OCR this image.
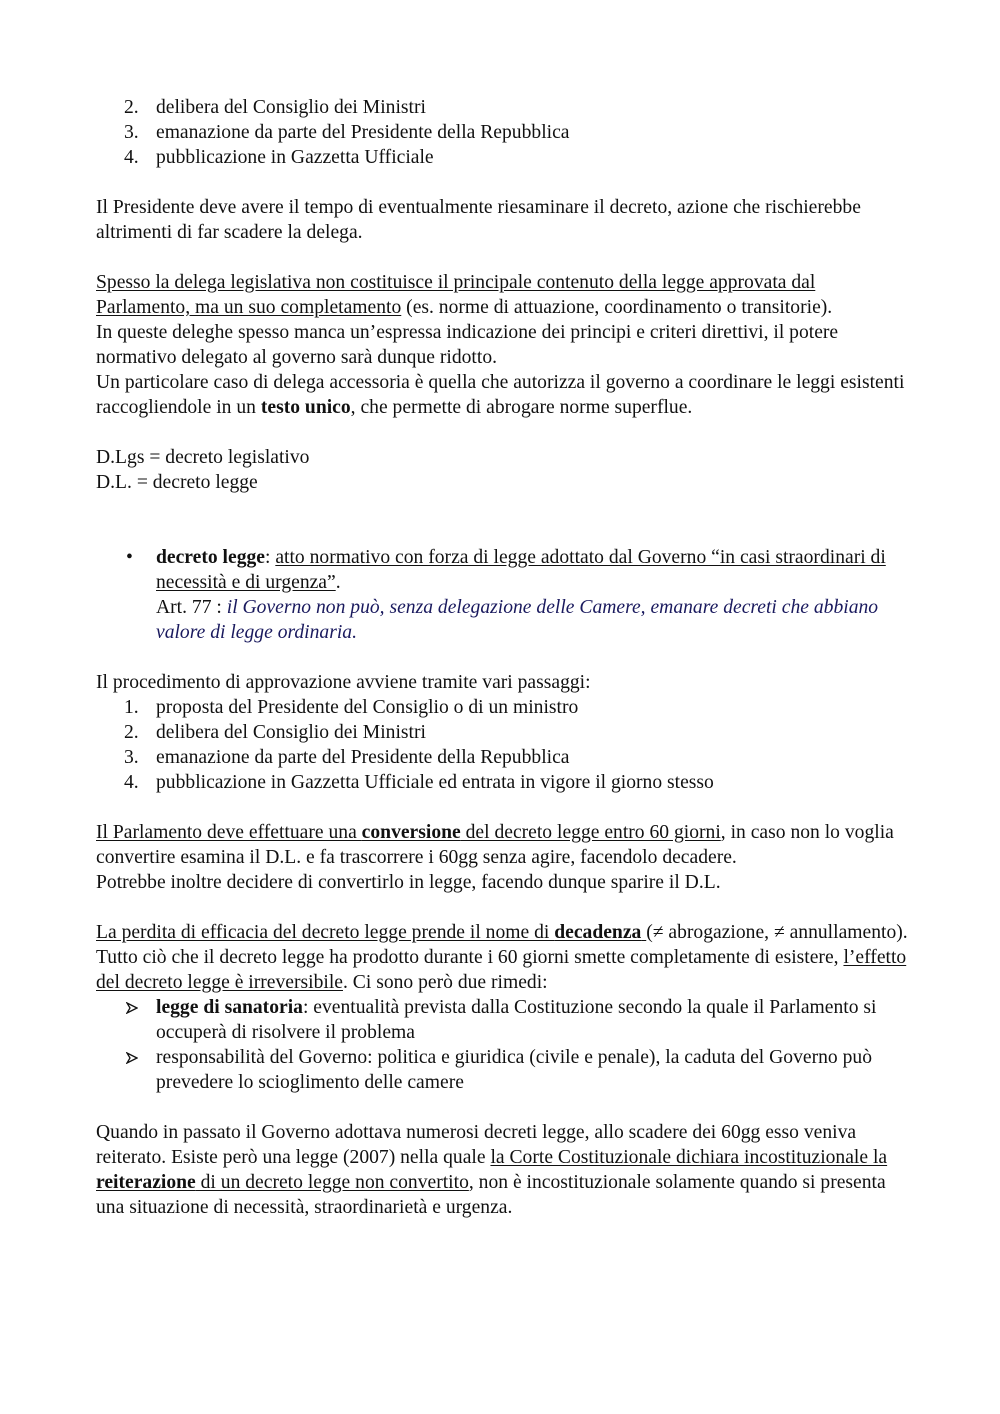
2. delibera del Consiglio dei Ministri
3. emanazione da parte del Presidente della Repubblica
4. pubblicazione in Gazzetta Ufficiale

Il Presidente deve avere il tempo di eventualmente riesaminare il decreto, azione che rischierebbe altrimenti di far scadere la delega.

Spesso la delega legislativa non costituisce il principale contenuto della legge approvata dal Parlamento, ma un suo completamento (es. norme di attuazione, coordinamento o transitorie).

In queste deleghe spesso manca un’espressa indicazione dei principi e criteri direttivi, il potere normativo delegato al governo sarà dunque ridotto.

Un particolare caso di delega accessoria è quella che autorizza il governo a coordinare le leggi esistenti raccogliendole in un testo unico, che permette di abrogare norme superflue.

D.Lgs = decreto legislativo

D.L. = decreto legge

• decreto legge: atto normativo con forza di legge adottato dal Governo “in casi straordinari di necessità e di urgenza”.
Art. 77 : il Governo non può, senza delegazione delle Camere, emanare decreti che abbiano valore di legge ordinaria.

Il procedimento di approvazione avviene tramite vari passaggi:

1. proposta del Presidente del Consiglio o di un ministro
2. delibera del Consiglio dei Ministri
3. emanazione da parte del Presidente della Repubblica
4. pubblicazione in Gazzetta Ufficiale ed entrata in vigore il giorno stesso

Il Parlamento deve effettuare una conversione del decreto legge entro 60 giorni, in caso non lo voglia convertire esamina il D.L. e fa trascorrere i 60gg senza agire, facendolo decadere.

Potrebbe inoltre decidere di convertirlo in legge, facendo dunque sparire il D.L.

La perdita di efficacia del decreto legge prende il nome di decadenza (≠ abrogazione, ≠ annullamento).

Tutto ciò che il decreto legge ha prodotto durante i 60 giorni smette completamente di esistere, l’effetto del decreto legge è irreversibile. Ci sono però due rimedi:

legge di sanatoria: eventualità prevista dalla Costituzione secondo la quale il Parlamento si occuperà di risolvere il problema
responsabilità del Governo: politica e giuridica (civile e penale), la caduta del Governo può prevedere lo scioglimento delle camere

Quando in passato il Governo adottava numerosi decreti legge, allo scadere dei 60gg esso veniva reiterato. Esiste però una legge (2007) nella quale la Corte Costituzionale dichiara incostituzionale la reiterazione di un decreto legge non convertito, non è incostituzionale solamente quando si presenta una situazione di necessità, straordinarietà e urgenza.
